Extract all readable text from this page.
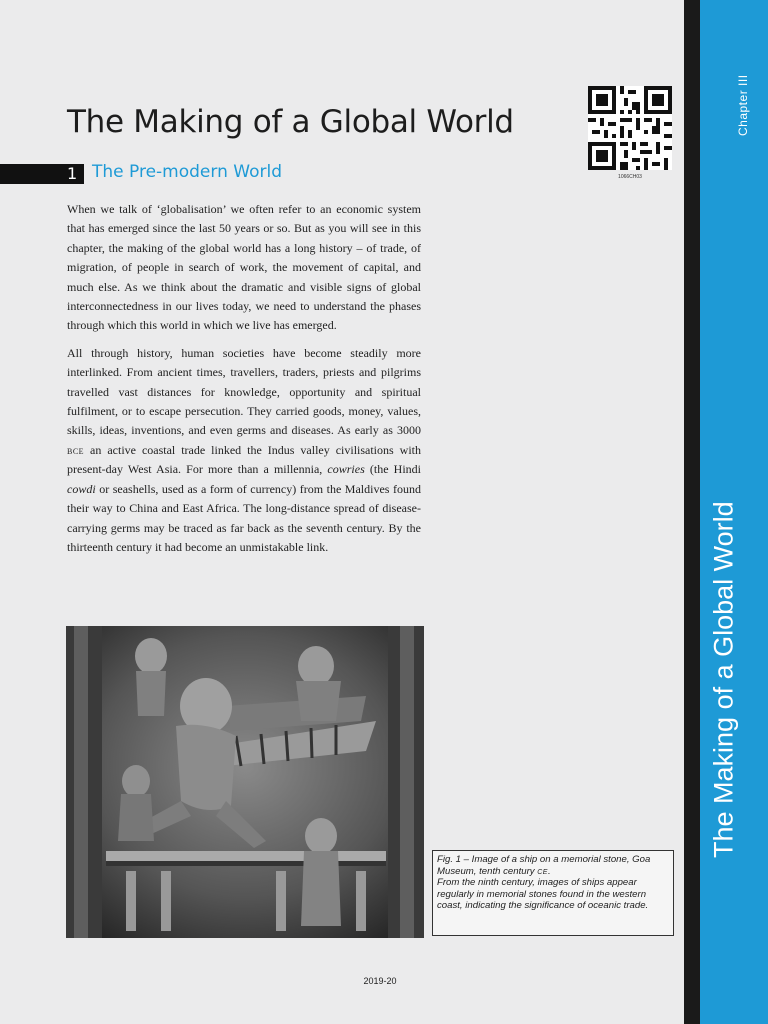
Chapter III
The Making of a Global World
The Making of a Global World
1 The Pre-modern World	1066CH03

When we talk of ‘globalisation’ we often refer to an economic system that has emerged since the last 50 years or so. But as you will see in this chapter, the making of the global world has a long history – of trade, of migration, of people in search of work, the movement of capital, and much else. As we think about the dramatic and visible signs of global interconnectedness in our lives today, we need to understand the phases through which this world in which we live has emerged.

All through history, human societies have become steadily more interlinked. From ancient times, travellers, traders, priests and pilgrims travelled vast distances for knowledge, opportunity and spiritual fulfilment, or to escape persecution. They carried goods, money, values, skills, ideas, inventions, and even germs and diseases. As early as 3000 bce an active coastal trade linked the Indus valley civilisations with present-day West Asia. For more than a millennia, cowries (the Hindi cowdi or seashells, used as a form of currency) from the Maldives found their way to China and East Africa. The long-distance spread of disease-carrying germs may be traced as far back as the seventh century. By the thirteenth century it had become an unmistakable link.

Fig. 1 – Image of a ship on a memorial stone, Goa Museum, tenth century ce.
From the ninth century, images of ships appear regularly in memorial stones found in the western coast, indicating the significance of oceanic trade.
2019-20
